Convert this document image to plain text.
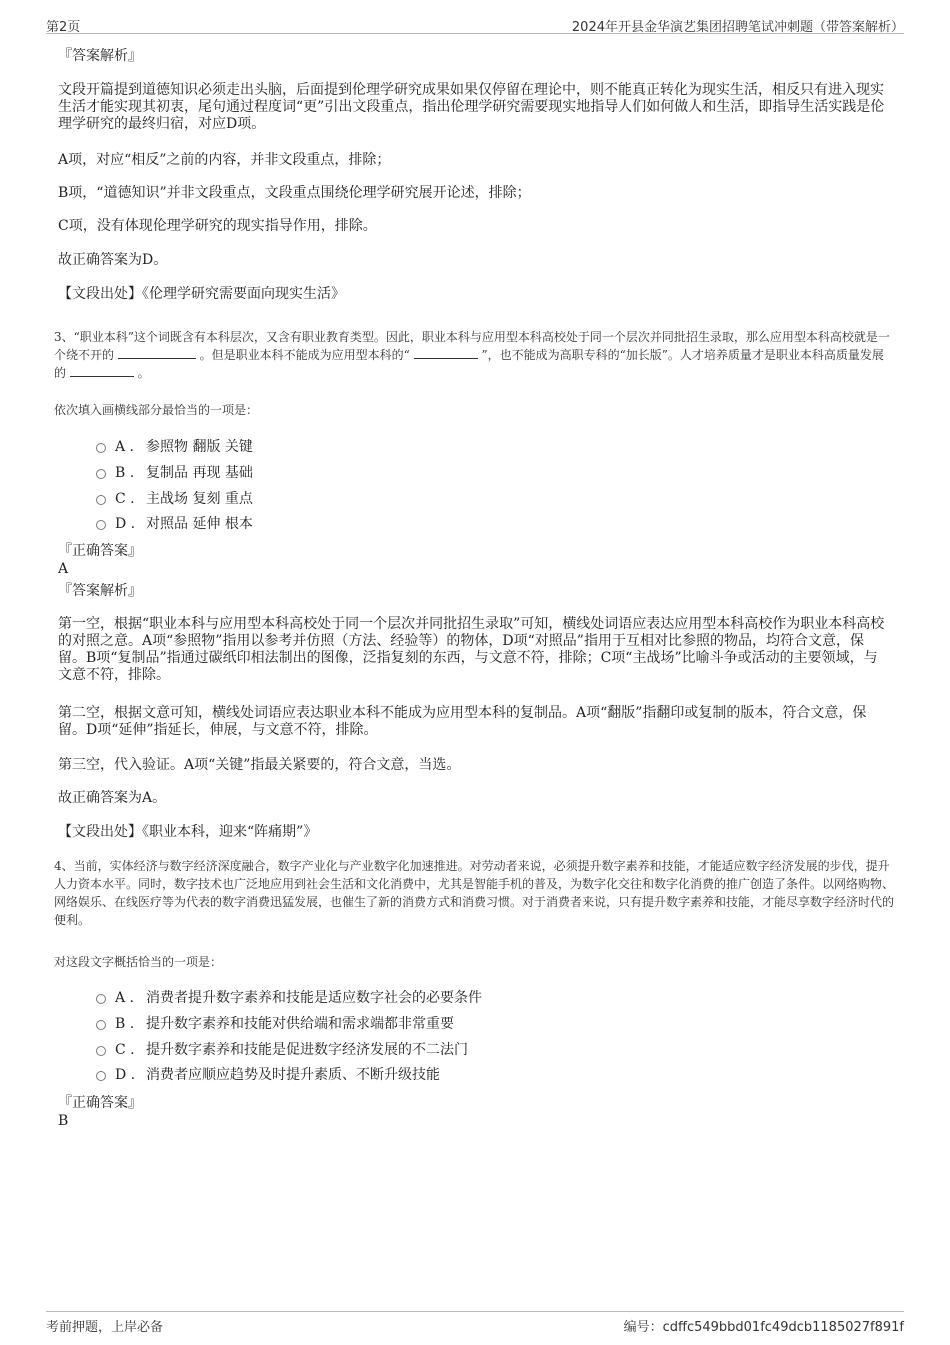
第2页	2024年开县金华演艺集团招聘笔试冲刺题（带答案解析）
『答案解析』
文段开篇提到道德知识必须走出头脑，后面提到伦理学研究成果如果仅停留在理论中，则不能真正转化为现实生活，相反只有进入现实生活才能实现其初衷，尾句通过程度词“更”引出文段重点，指出伦理学研究需要现实地指导人们如何做人和生活，即指导生活实践是伦理学研究的最终归宿，对应D项。
A项，对应“相反”之前的内容，并非文段重点，排除；
B项，“道德知识”并非文段重点，文段重点围绕伦理学研究展开论述，排除；
C项，没有体现伦理学研究的现实指导作用，排除。
故正确答案为D。
【文段出处】《伦理学研究需要面向现实生活》
3、“职业本科”这个词既含有本科层次，又含有职业教育类型。因此，职业本科与应用型本科高校处于同一个层次并同批招生录取，那么应用型本科高校就是一个绕不开的	。但是职业本科不能成为应用型本科的“	”，也不能成为高职专科的“加长版”。人才培养质量才是职业本科高质量发展的	。
依次填入画横线部分最恰当的一项是：
A . 参照物 翻版 关键
B . 复制品 再现 基础
C . 主战场 复刻 重点
D . 对照品 延伸 根本
『正确答案』
A
『答案解析』
第一空，根据“职业本科与应用型本科高校处于同一个层次并同批招生录取”可知，横线处词语应表达应用型本科高校作为职业本科高校的对照之意。A项“参照物”指用以参考并仿照（方法、经验等）的物体，D项“对照品”指用于互相对比参照的物品，均符合文意，保留。B项“复制品”指通过碳纸印相法制出的图像，泛指复刻的东西，与文意不符，排除；C项“主战场”比喻斗争或活动的主要领域，与文意不符，排除。
第二空，根据文意可知，横线处词语应表达职业本科不能成为应用型本科的复制品。A项“翻版”指翻印或复制的版本，符合文意，保留。D项“延伸”指延长，伸展，与文意不符，排除。
第三空，代入验证。A项“关键”指最关紧要的，符合文意，当选。
故正确答案为A。
【文段出处】《职业本科，迎来“阵痛期”》
4、当前，实体经济与数字经济深度融合，数字产业化与产业数字化加速推进。对劳动者来说，必须提升数字素养和技能，才能适应数字经济发展的步伐，提升人力资本水平。同时，数字技术也广泛地应用到社会生活和文化消费中，尤其是智能手机的普及，为数字化交往和数字化消费的推广创造了条件。以网络购物、网络娱乐、在线医疗等为代表的数字消费迅猛发展，也催生了新的消费方式和消费习惯。对于消费者来说，只有提升数字素养和技能，才能尽享数字经济时代的便利。
对这段文字概括恰当的一项是：
A . 消费者提升数字素养和技能是适应数字社会的必要条件
B . 提升数字素养和技能对供给端和需求端都非常重要
C . 提升数字素养和技能是促进数字经济发展的不二法门
D . 消费者应顺应趋势及时提升素质、不断升级技能
『正确答案』
B
考前押题，上岸必备	编号：cdffc549bbd01fc49dcb1185027f891f
